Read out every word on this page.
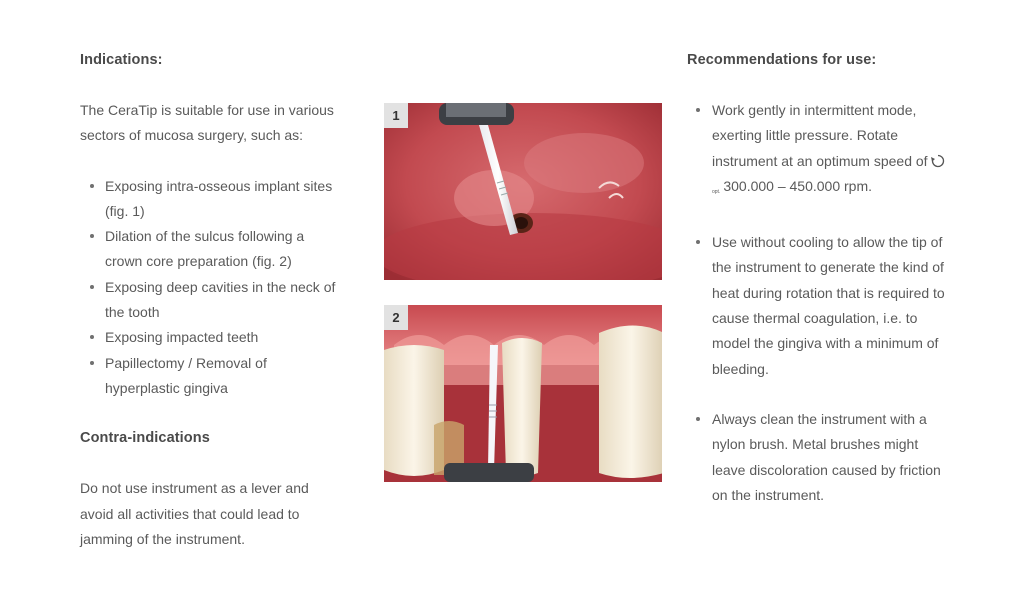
Indications:

The CeraTip is suitable for use in various

sectors of mucosa surgery, such as:

Exposing intra-osseous implant sites (fig. 1)
Dilation of the sulcus following a crown core preparation (fig. 2)
Exposing deep cavities in the neck of the tooth
Exposing impacted teeth
Papillectomy / Removal of hyperplastic gingiva
Contra-indications

Do not use instrument as a lever and avoid all activities that could lead to jamming of the instrument.

1
2
Recommendations for use:
Work gently in intermittent mode, exerting little pressure. Rotate instrument at an optimum speed of $_{opt.}$ 300.000 – 450.000 rpm.
Use without cooling to allow the tip of the instrument to generate the kind of heat during rotation that is required to cause thermal coagulation, i.e. to model the gingiva with a minimum of bleeding.
Always clean the instrument with a nylon brush. Metal brushes might leave discoloration caused by friction on the instrument.
